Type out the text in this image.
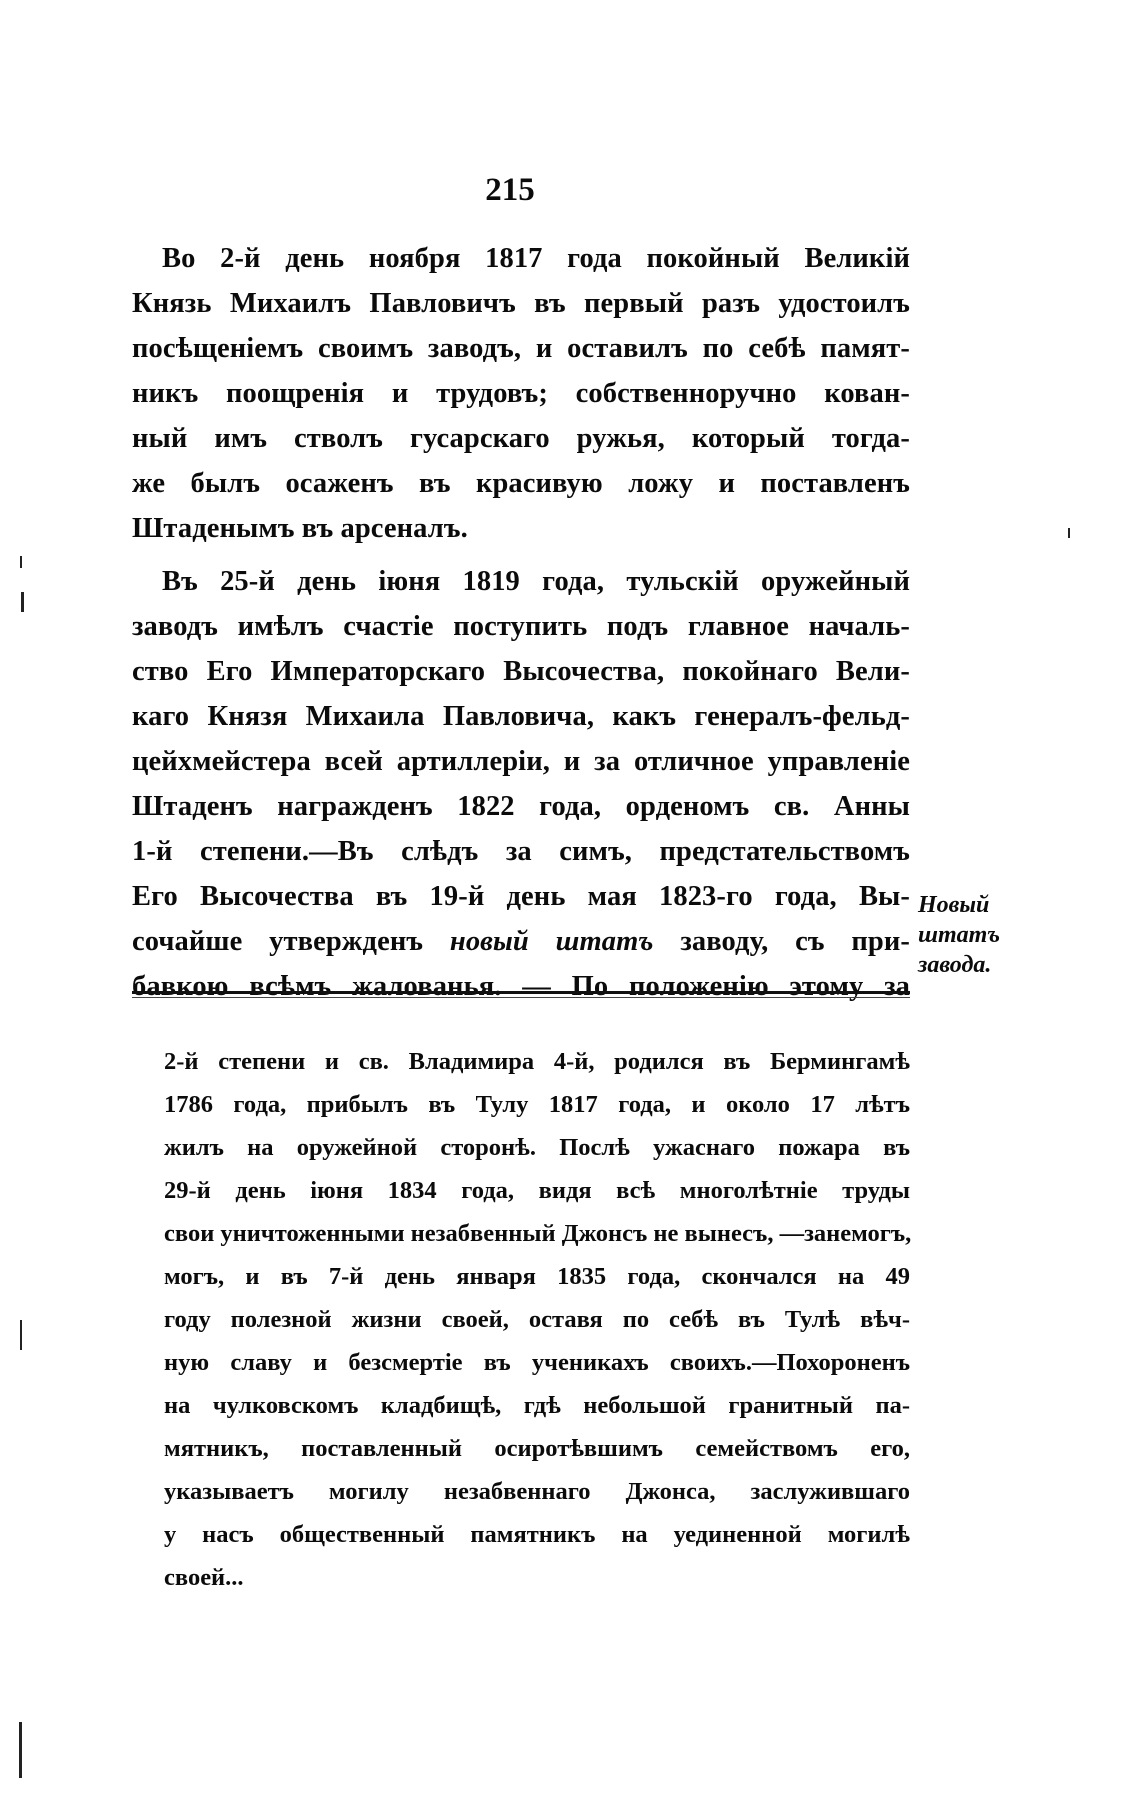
215
Во 2-й день ноября 1817 года покойный Великiй
Князь Михаилъ Павловичъ въ первый разъ удостоилъ
посѣщенiемъ своимъ заводъ, и оставилъ по себѣ памят-
никъ поощренiя и трудовъ; собственноручно кован-
ный имъ стволъ гусарскаго ружья, который тогда-
же былъ осаженъ въ красивую ложу и поставленъ
Штаденымъ въ арсеналъ.
Въ 25-й день iюня 1819 года, тульскiй оружейный
заводъ имѣлъ счастiе поступить подъ главное началь-
ство Его Императорскаго Высочества, покойнаго Вели-
каго Князя Михаила Павловича, какъ генералъ-фельд-
цейхмейстера всей артиллерiи, и за отличное управленiе
Штаденъ награжденъ 1822 года, орденомъ св. Анны
1-й степени.—Въ слѣдъ за симъ, предстательствомъ
Его Высочества въ 19-й день мая 1823-го года, Вы-
сочайше утвержденъ новый штатъ заводу, съ при-
бавкою всѣмъ жалованья. — По положенiю этому за
Новый
штатъ
завода.
2-й степени и св. Владимира 4-й, родился въ Бермингамѣ
1786 года, прибылъ въ Тулу 1817 года, и около 17 лѣтъ
жилъ на оружейной сторонѣ. Послѣ ужаснаго пожара въ
29-й день iюня 1834 года, видя всѣ многолѣтнiе труды
свои уничтоженными незабвенный Джонсъ не вынесъ, —занемогъ,
могъ, и въ 7-й день января 1835 года, скончался на 49
году полезной жизни своей, оставя по себѣ въ Тулѣ вѣч-
ную славу и безсмертiе въ ученикахъ своихъ.—Похороненъ
на чулковскомъ кладбищѣ, гдѣ небольшой гранитный па-
мятникъ, поставленный осиротѣвшимъ семействомъ его,
указываетъ могилу незабвеннаго Джонса, заслужившаго
у насъ общественный памятникъ на уединенной могилѣ
своей...
